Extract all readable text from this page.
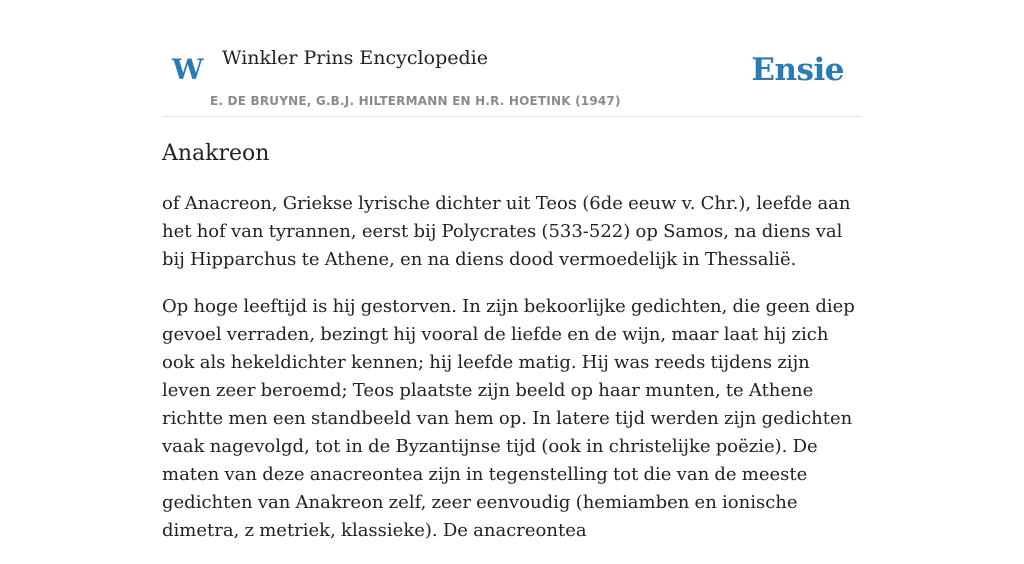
W Winkler Prins Encyclopedie
E. DE BRUYNE, G.B.J. HILTERMANN EN H.R. HOETINK (1947)
Ensie
Anakreon

of Anacreon, Griekse lyrische dichter uit Teos (6de eeuw v. Chr.), leefde aan het hof van tyrannen, eerst bij Polycrates (533-522) op Samos, na diens val bij Hipparchus te Athene, en na diens dood vermoedelijk in Thessalië.

Op hoge leeftijd is hij gestorven. In zijn bekoorlijke gedichten, die geen diep gevoel verraden, bezingt hij vooral de liefde en de wijn, maar laat hij zich ook als hekeldichter kennen; hij leefde matig. Hij was reeds tijdens zijn leven zeer beroemd; Teos plaatste zijn beeld op haar munten, te Athene richtte men een standbeeld van hem op. In latere tijd werden zijn gedichten vaak nagevolgd, tot in de Byzantijnse tijd (ook in christelijke poëzie). De maten van deze anacreontea zijn in tegenstelling tot die van de meeste gedichten van Anakreon zelf, zeer eenvoudig (hemiamben en ionische dimetra, z metriek, klassieke). De anacreontea
